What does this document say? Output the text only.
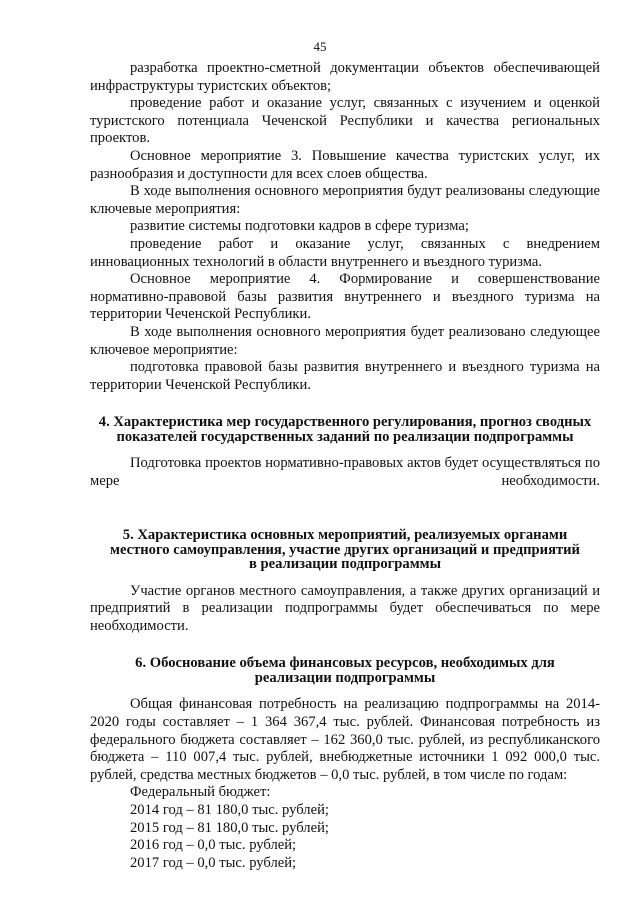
45

разработка проектно-сметной документации объектов обеспечивающей инфраструктуры туристских объектов;

проведение работ и оказание услуг, связанных с изучением и оценкой туристского потенциала Чеченской Республики и качества региональных проектов.

Основное мероприятие 3. Повышение качества туристских услуг, их разнообразия и доступности для всех слоев общества.

В ходе выполнения основного мероприятия будут реализованы следующие ключевые мероприятия:

развитие системы подготовки кадров в сфере туризма;

проведение работ и оказание услуг, связанных с внедрением инновационных технологий в области внутреннего и въездного туризма.

Основное мероприятие 4. Формирование и совершенствование нормативно-правовой базы развития внутреннего и въездного туризма на территории Чеченской Республики.

В ходе выполнения основного мероприятия будет реализовано следующее ключевое мероприятие:

подготовка правовой базы развития внутреннего и въездного туризма на территории Чеченской Республики.

4. Характеристика мер государственного регулирования, прогноз сводных
показателей государственных заданий по реализации подпрограммы

Подготовка проектов нормативно-правовых актов будет осуществляться по мере необходимости.

5. Характеристика основных мероприятий, реализуемых органами
местного самоуправления, участие других организаций и предприятий
в реализации подпрограммы

Участие органов местного самоуправления, а также других организаций и предприятий в реализации подпрограммы будет обеспечиваться по мере необходимости.

6. Обоснование объема финансовых ресурсов, необходимых для
реализации подпрограммы

Общая финансовая потребность на реализацию подпрограммы на 2014-2020 годы составляет – 1 364 367,4 тыс. рублей. Финансовая потребность из федерального бюджета составляет – 162 360,0 тыс. рублей, из республиканского бюджета – 110 007,4 тыс. рублей, внебюджетные источники 1 092 000,0 тыс. рублей, средства местных бюджетов – 0,0 тыс. рублей, в том числе по годам:

Федеральный бюджет:

2014 год – 81 180,0 тыс. рублей;

2015 год – 81 180,0 тыс. рублей;

2016 год – 0,0 тыс. рублей;

2017 год – 0,0 тыс. рублей;
